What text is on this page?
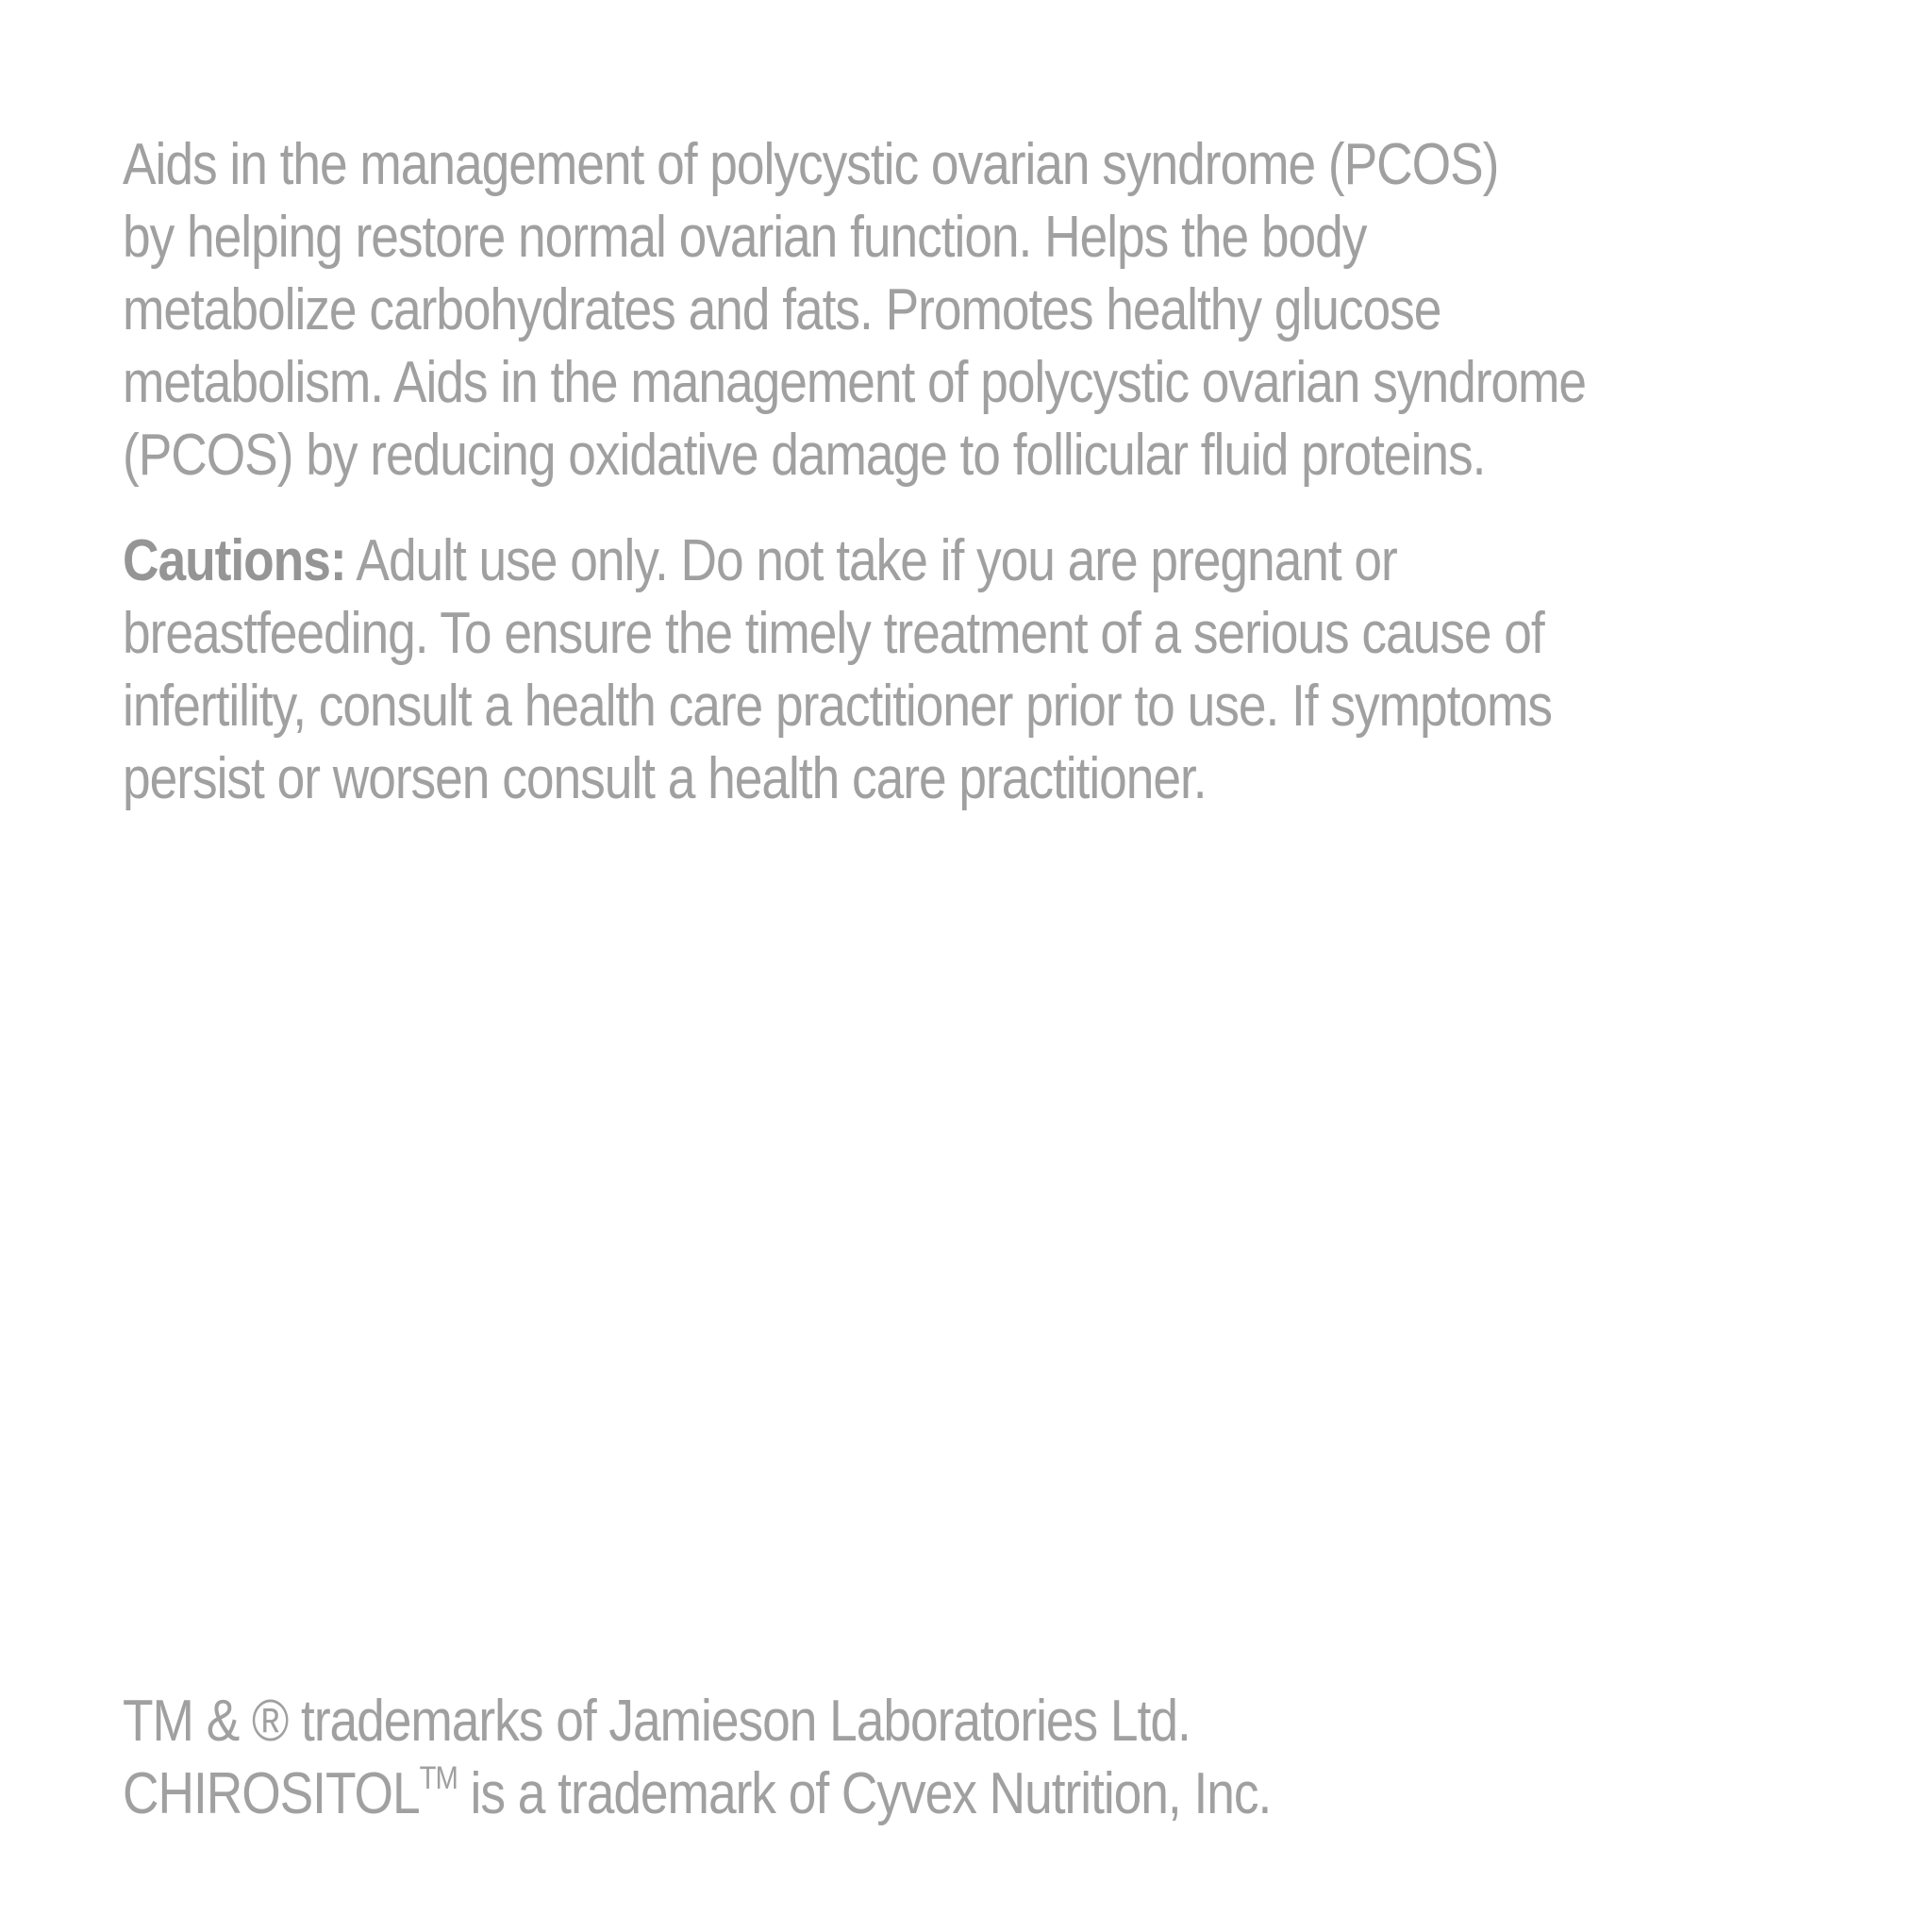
Aids in the management of polycystic ovarian syndrome (PCOS)
by helping restore normal ovarian function. Helps the body
metabolize carbohydrates and fats. Promotes healthy glucose
metabolism. Aids in the management of polycystic ovarian syndrome
(PCOS) by reducing oxidative damage to follicular fluid proteins.
Cautions: Adult use only. Do not take if you are pregnant or
breastfeeding. To ensure the timely treatment of a serious cause of
infertility, consult a health care practitioner prior to use. If symptoms
persist or worsen consult a health care practitioner.
TM & ® trademarks of Jamieson Laboratories Ltd.
CHIROSITOL™ is a trademark of Cyvex Nutrition, Inc.
